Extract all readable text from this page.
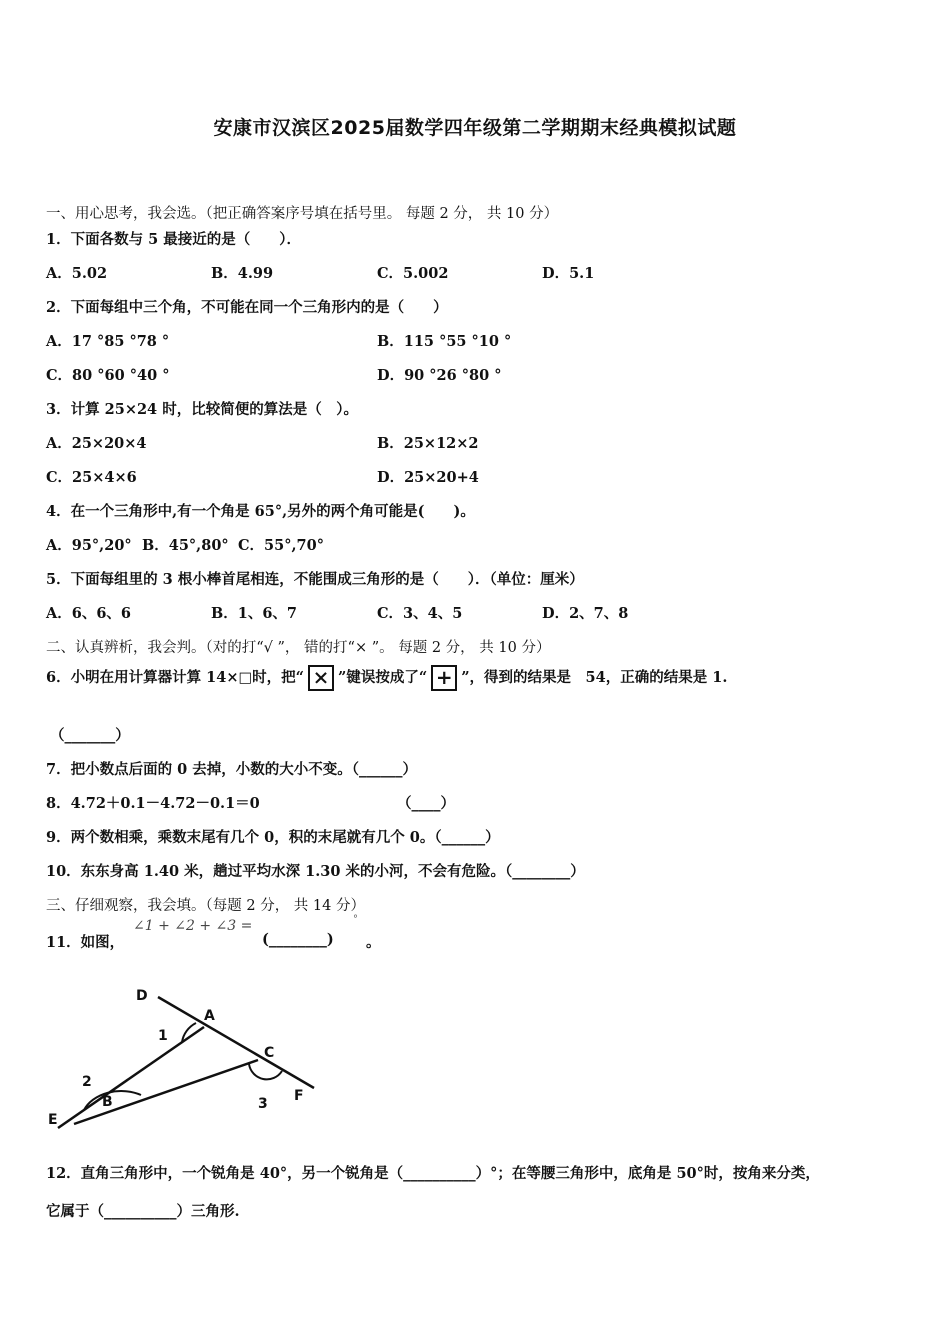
安康市汉滨区2025届数学四年级第二学期期末经典模拟试题
一、用心思考，我会选。（把正确答案序号填在括号里。 每题 2 分， 共 10 分）
1．下面各数与 5 最接近的是（　　）．
A．5.02	B．4.99	C．5.002	D．5.1
2．下面每组中三个角，不可能在同一个三角形内的是（　　）
A．17 °85 °78 °	B．115 °55 °10 °
C．80 °60 °40 °	D．90 °26 °80 °
3．计算 25×24 时，比较简便的算法是（　）。
A．25×20×4	B．25×12×2
C．25×4×6	D．25×20+4
4．在一个三角形中,有一个角是 65°,另外的两个角可能是(　　)。
A．95°,20° B．45°,80° C．55°,70°
5．下面每组里的 3 根小棒首尾相连，不能围成三角形的是（　　）．（单位：厘米）
A．6、6、6	B．1、6、7	C．3、4、5	D．2、7、8
二、认真辨析，我会判。（对的打“√ ”， 错的打“× ”。 每题 2 分， 共 10 分）
6．小明在用计算器计算 14×□时，把“ × ”键误按成了“ + ”，得到的结果是　54，正确的结果是 1.
（_______）
7．把小数点后面的 0 去掉，小数的大小不变。（______）
8．4.72＋0.1－4.72－0.1＝0	（____）
9．两个数相乘，乘数末尾有几个 0，积的末尾就有几个 0。（______）
10．东东身高 1.40 米，趟过平均水深 1.30 米的小河，不会有危险。（________）
三、仔细观察，我会填。（每题 2 分， 共 14 分）
11．如图，
∠1 + ∠2 + ∠3 =
(________)
°
。
D
A
C
F
B
E
1
2
3
12．直角三角形中，一个锐角是 40°，另一个锐角是（__________）°；在等腰三角形中，底角是 50°时，按角来分类，
它属于（__________）三角形.
